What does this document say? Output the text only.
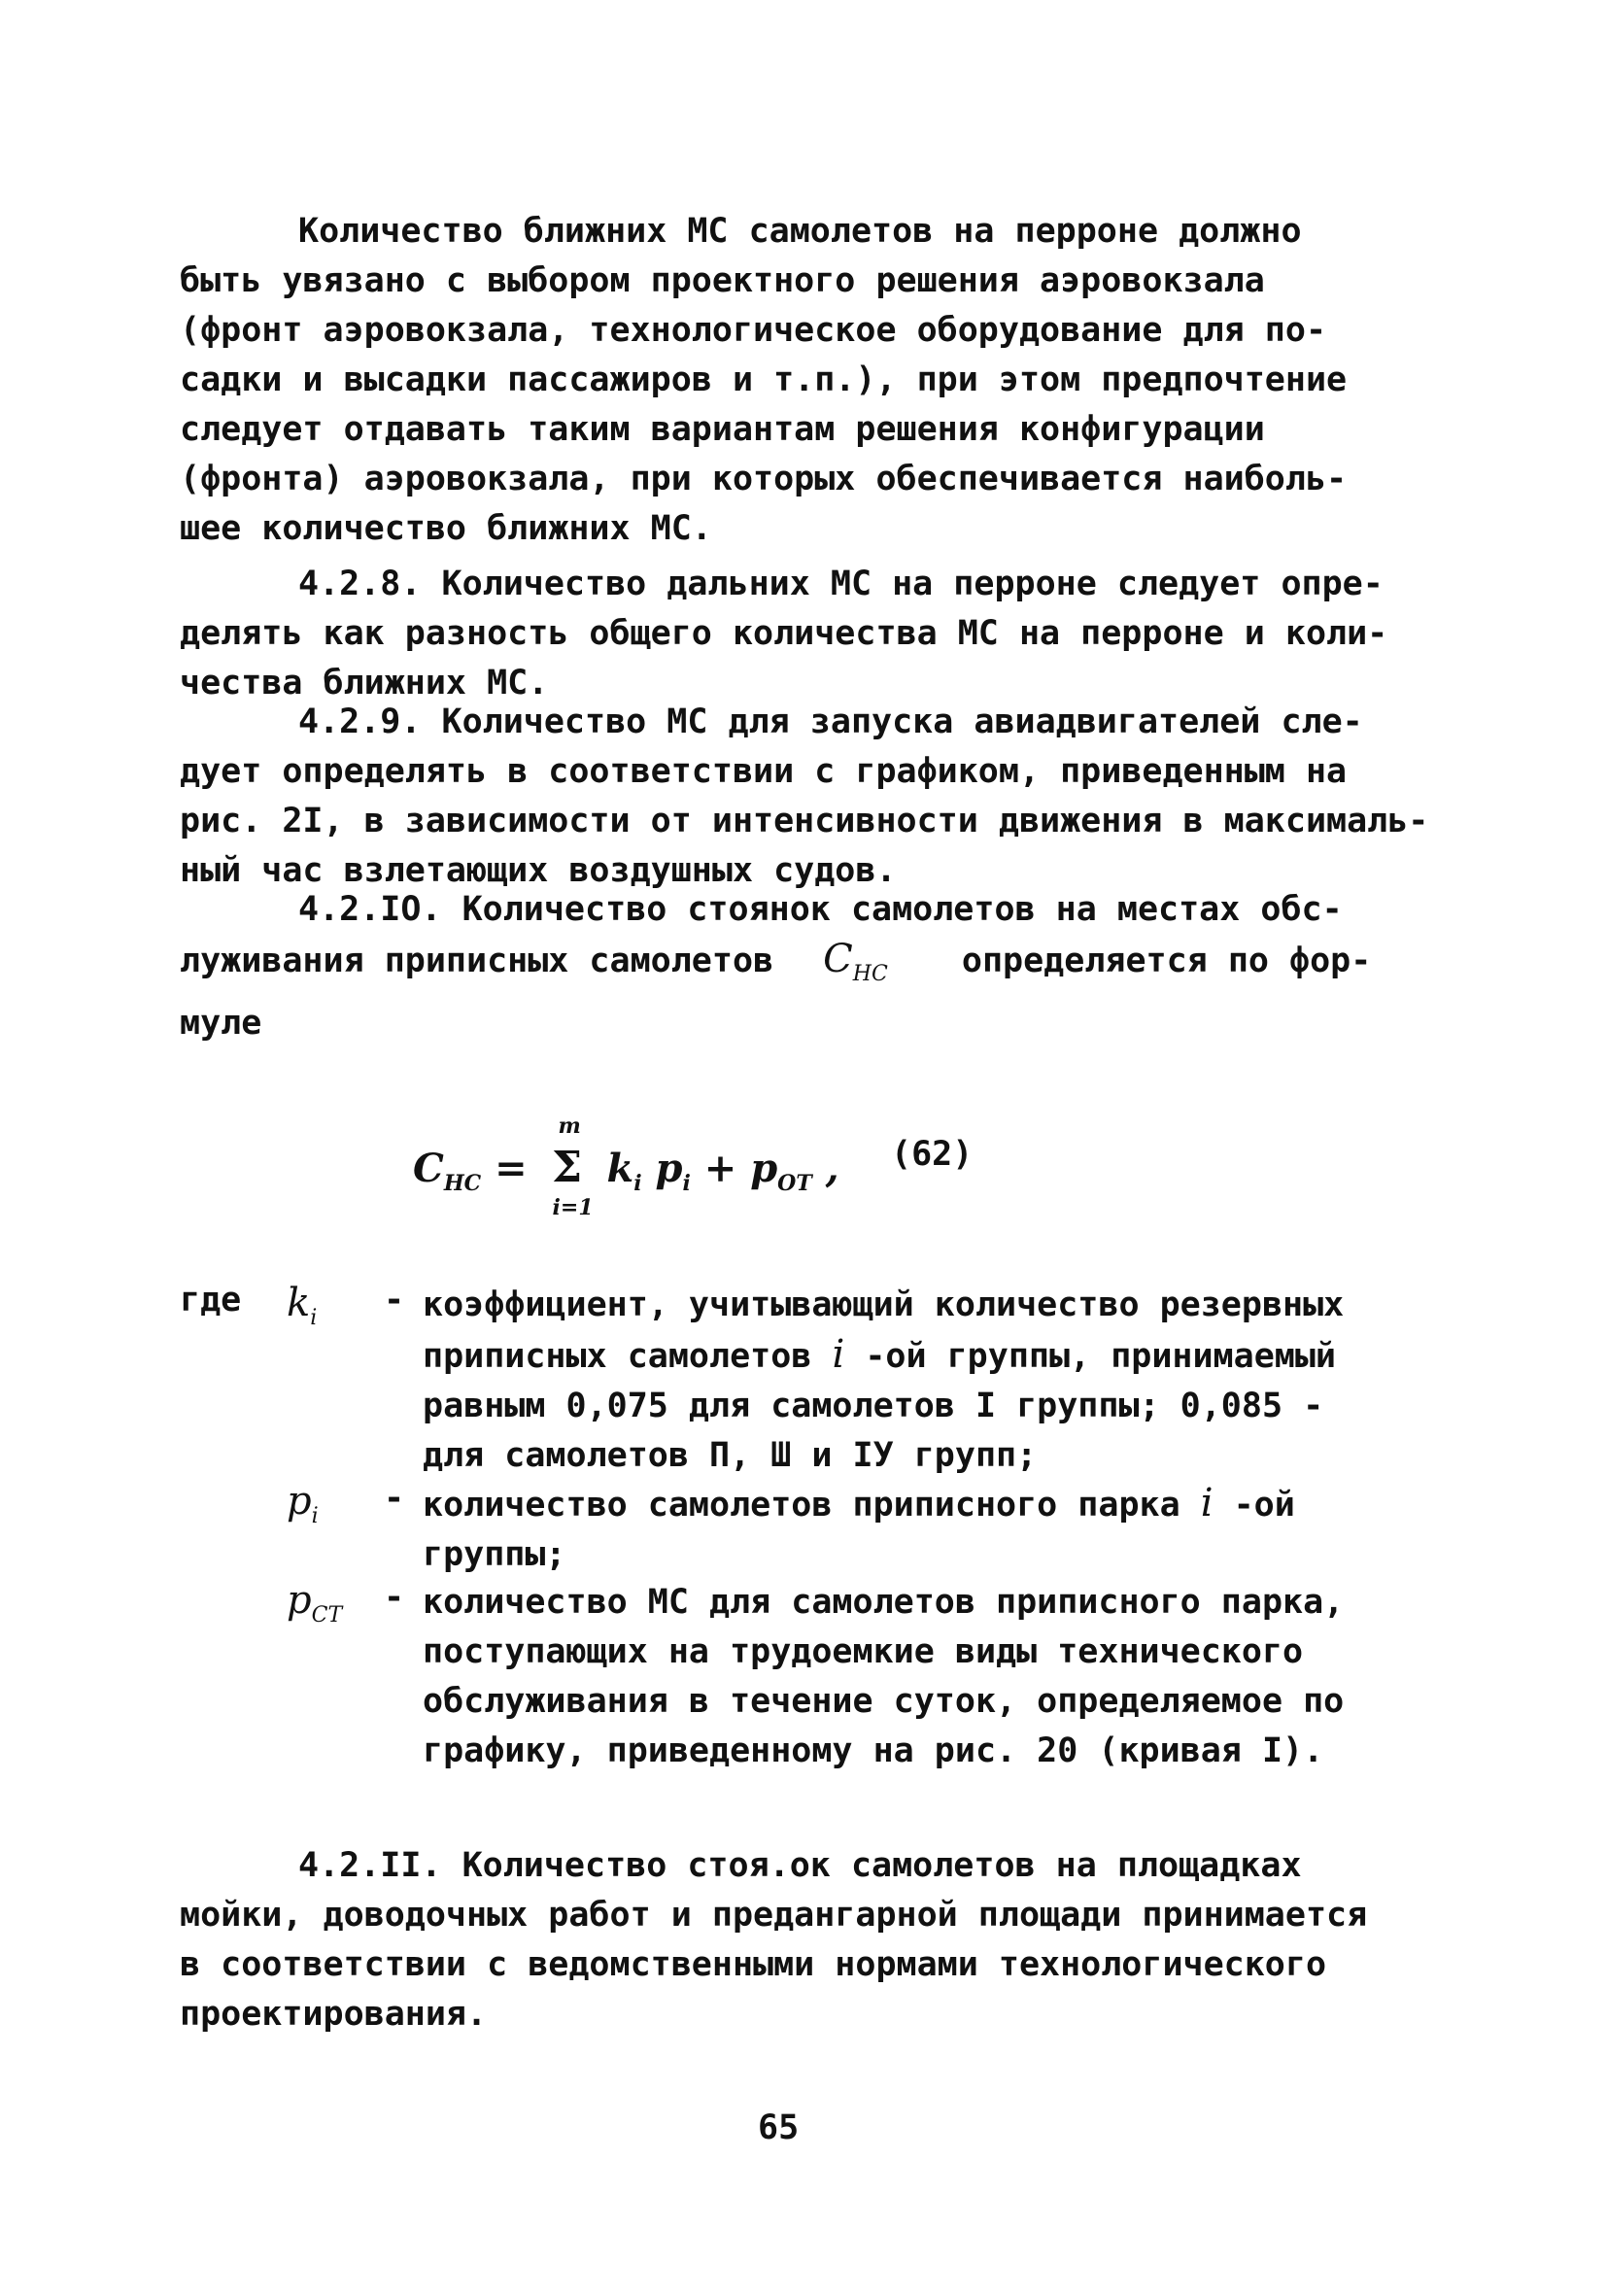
Количество ближних МС самолетов на перроне должно
быть увязано с выбором проектного решения аэровокзала
(фронт аэровокзала, технологическое оборудование для по-
садки и высадки пассажиров и т.п.), при этом предпочтение
следует отдавать таким вариантам решения конфигурации
(фронта) аэровокзала, при которых обеспечивается наиболь-
шее количество ближних МС.
4.2.8. Количество дальних МС на перроне следует опре-
делять как разность общего количества МС на перроне и коли-
чества ближних МС.
4.2.9. Количество МС для запуска авиадвигателей сле-
дует определять в соответствии с графиком, приведенным на
рис. 2I, в зависимости от интенсивности движения в максималь-
ный час взлетающих воздушных судов.
4.2.IO. Количество стоянок самолетов на местах обс-
луживания приписных самолетов $C_{НС}$ определяется по фор-
муле
$C_{НС} = \Sigma$
m
i=1
$k_i$ $p_i + p_{ОТ}$ , (62)
где $k_i$ - коэффициент, учитывающий количество резервных
приписных самолетов i -ой группы, принимаемый
равным 0,075 для самолетов I группы; 0,085 -
для самолетов П, Ш и IУ групп;
$p_i$ - количество самолетов приписного парка i -ой
группы;
$p_{СТ}$ - количество МС для самолетов приписного парка,
поступающих на трудоемкие виды технического
обслуживания в течение суток, определяемое по
графику, приведенному на рис. 20 (кривая I).
4.2.II. Количество стоя.ок самолетов на площадках
мойки, доводочных работ и предангарной площади принимается
в соответствии с ведомственными нормами технологического
проектирования.
65
